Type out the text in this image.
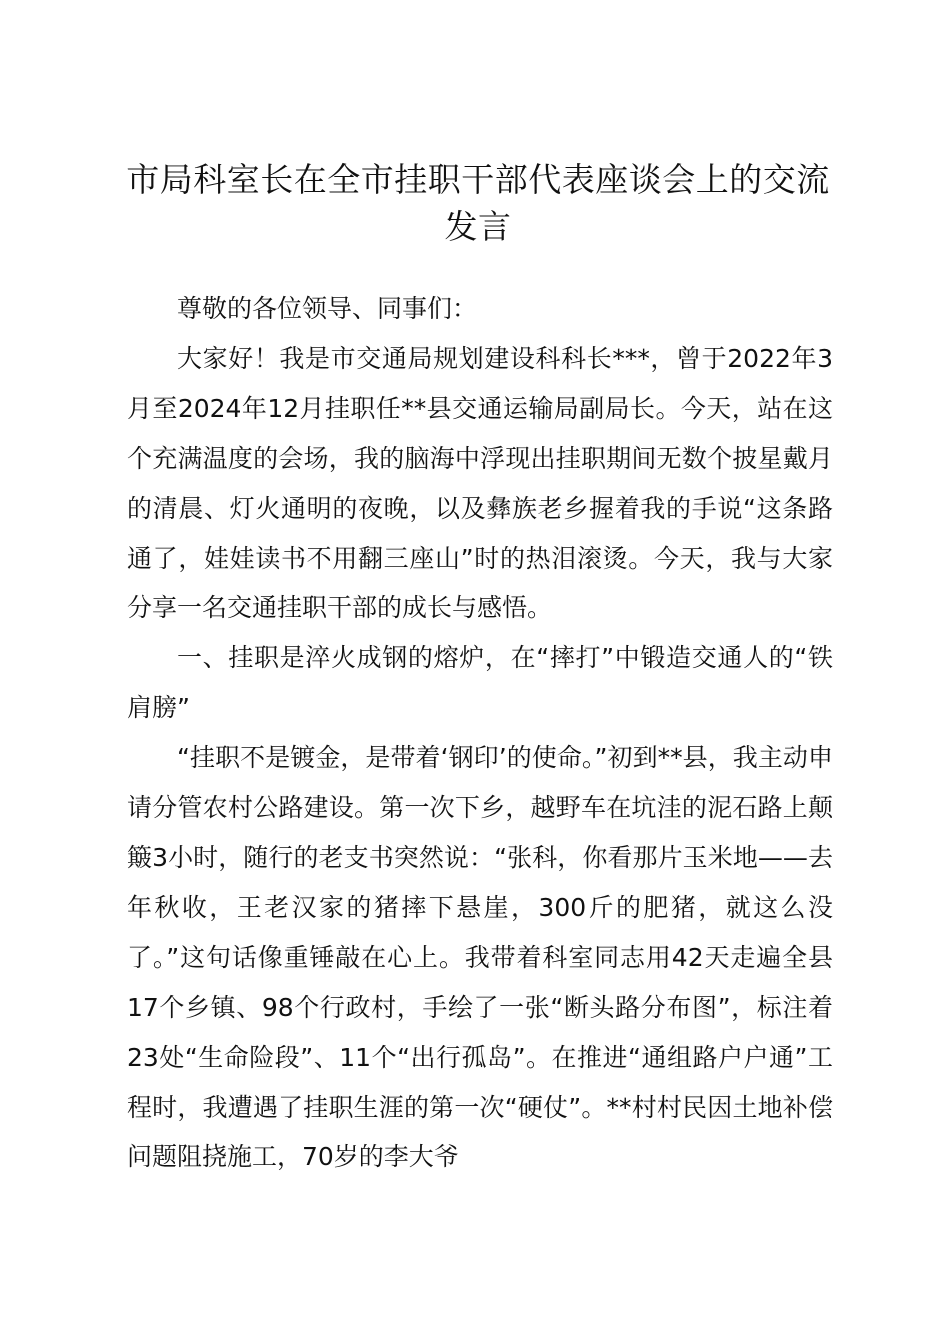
市局科室长在全市挂职干部代表座谈会上的交流发言

尊敬的各位领导、同事们：

大家好！我是市交通局规划建设科科长***，曾于2022年3月至2024年12月挂职任**县交通运输局副局长。今天，站在这个充满温度的会场，我的脑海中浮现出挂职期间无数个披星戴月的清晨、灯火通明的夜晚，以及彝族老乡握着我的手说“这条路通了，娃娃读书不用翻三座山”时的热泪滚烫。今天，我与大家分享一名交通挂职干部的成长与感悟。

一、挂职是淬火成钢的熔炉，在“摔打”中锻造交通人的“铁肩膀”

“挂职不是镀金，是带着‘钢印’的使命。”初到**县，我主动申请分管农村公路建设。第一次下乡，越野车在坑洼的泥石路上颠簸3小时，随行的老支书突然说：“张科，你看那片玉米地——去年秋收，王老汉家的猪摔下悬崖，300斤的肥猪，就这么没了。”这句话像重锤敲在心上。我带着科室同志用42天走遍全县17个乡镇、98个行政村，手绘了一张“断头路分布图”，标注着23处“生命险段”、11个“出行孤岛”。在推进“通组路户户通”工程时，我遭遇了挂职生涯的第一次“硬仗”。**村村民因土地补偿问题阻挠施工，70岁的李大爷
